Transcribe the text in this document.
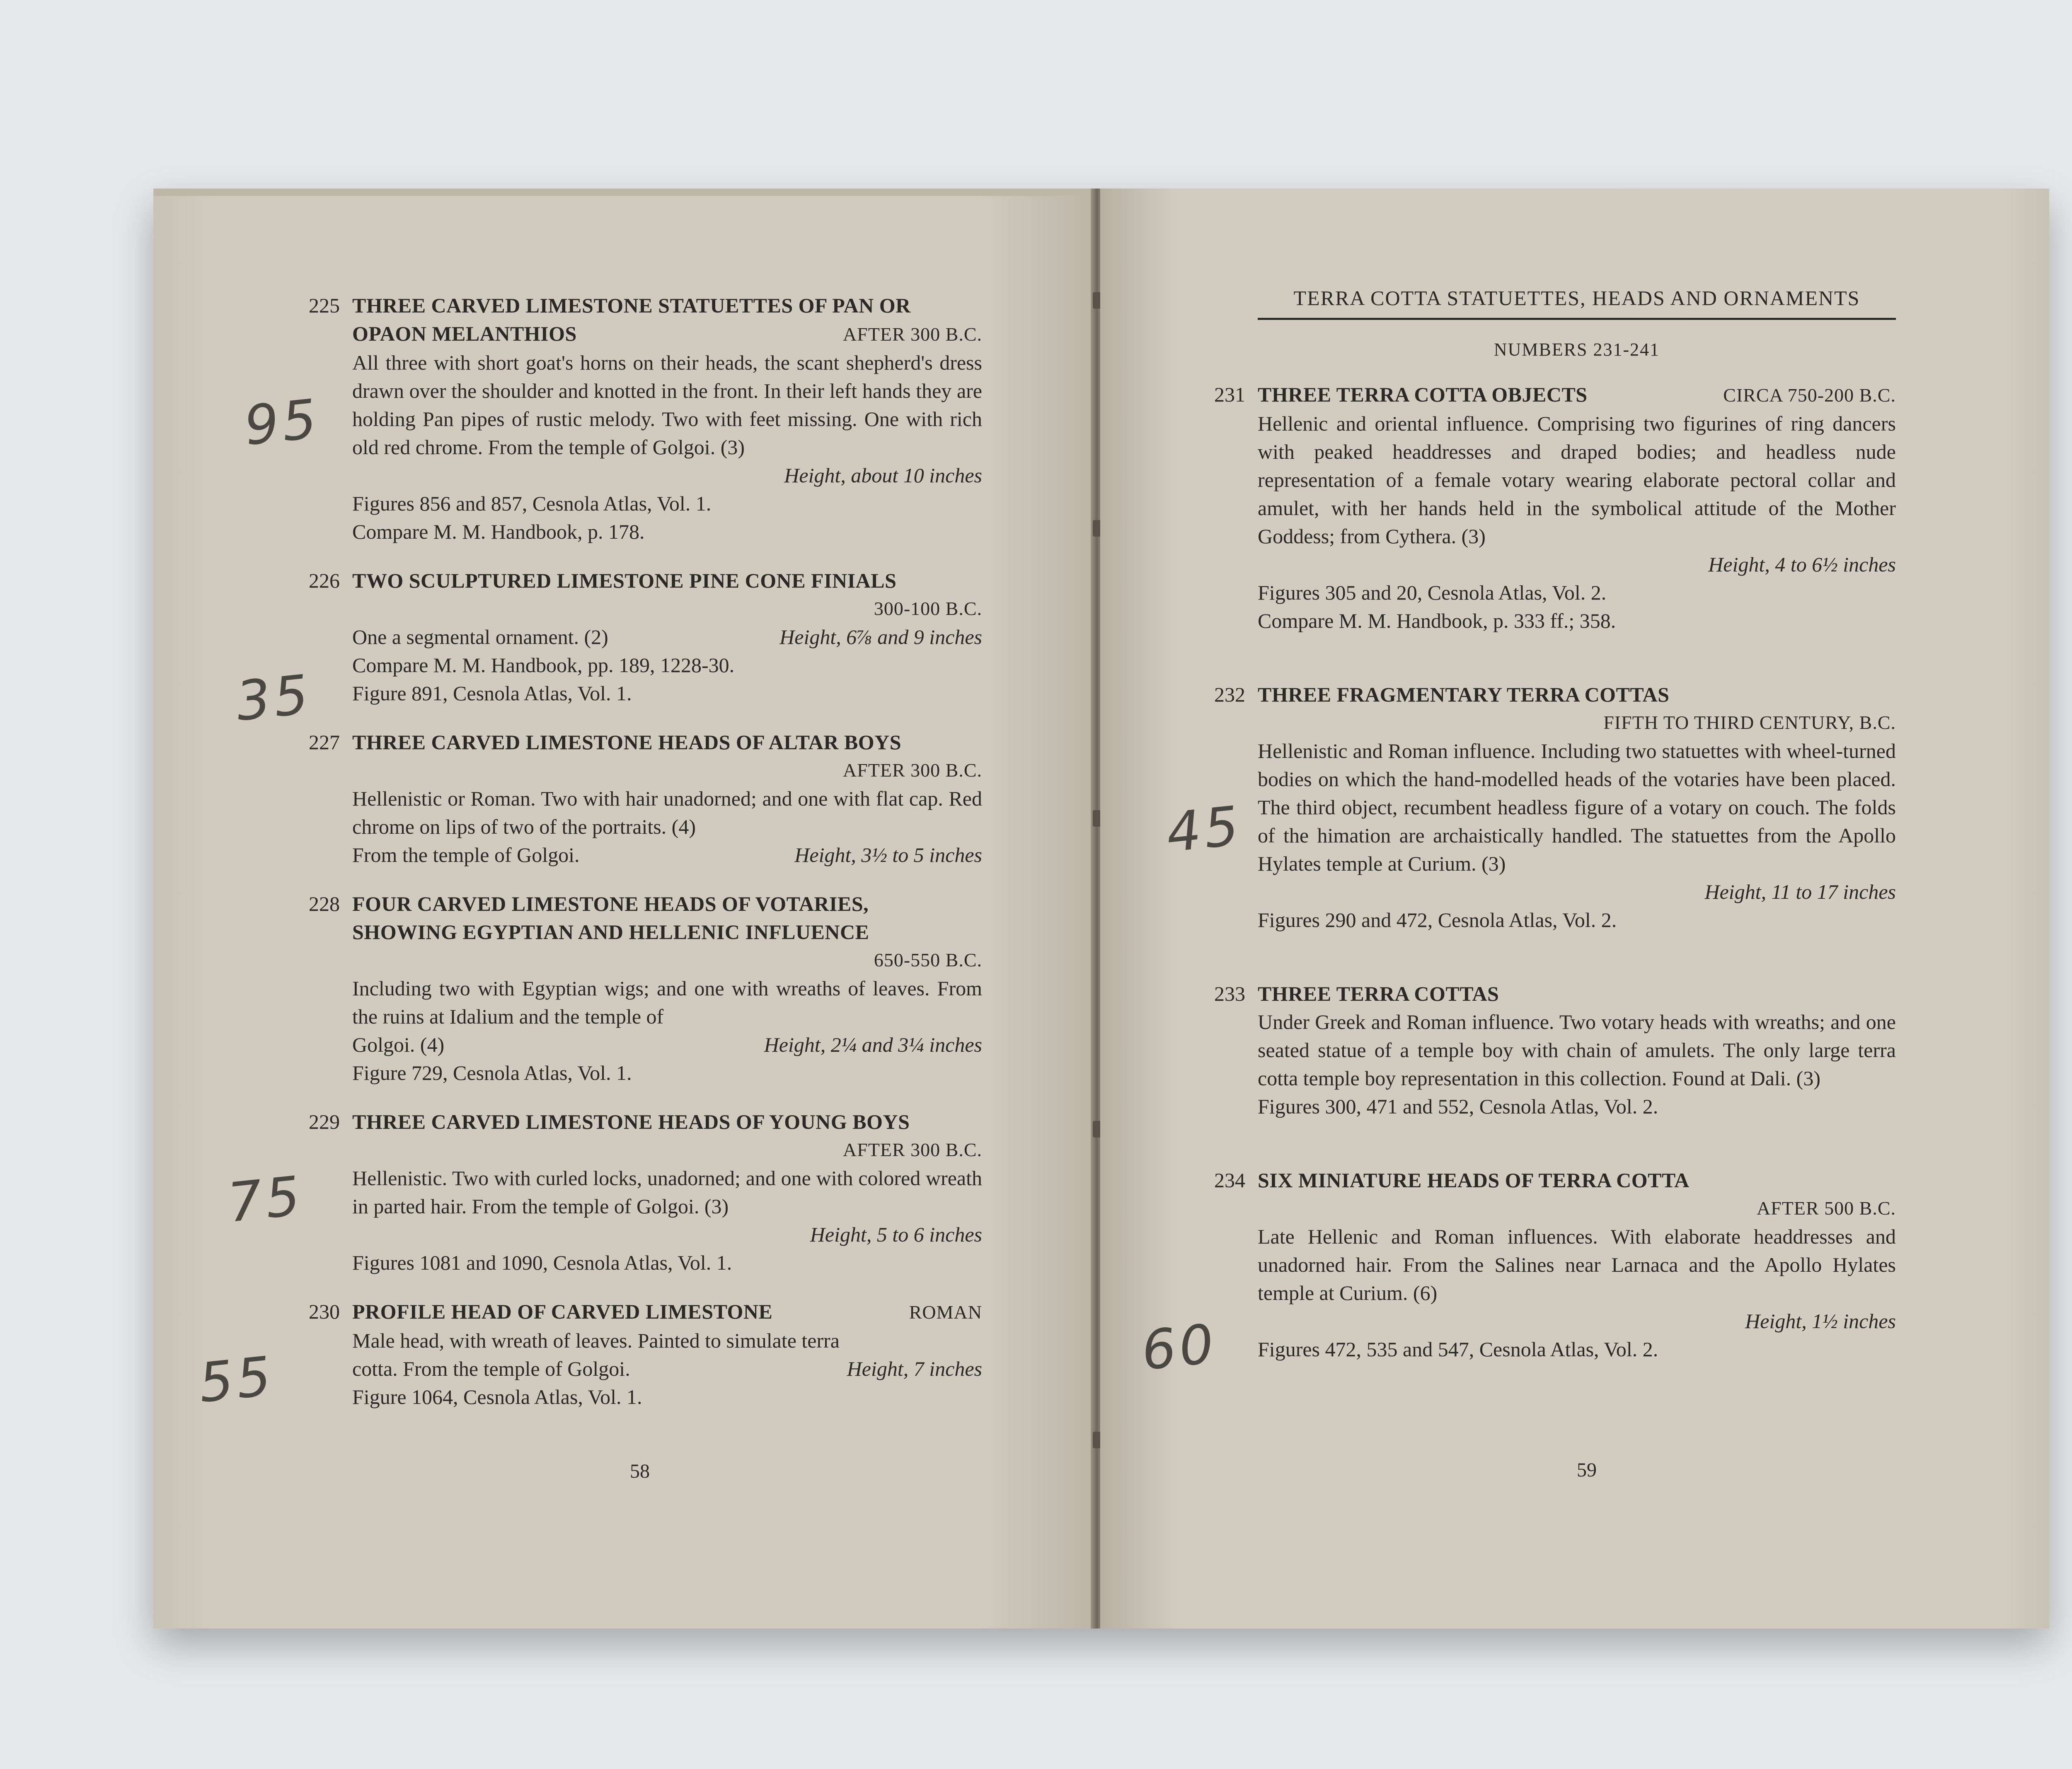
225 THREE CARVED LIMESTONE STATUETTES OF PAN OR
OPAON MELANTHIOS	AFTER 300 B.C.
All three with short goat's horns on their heads, the scant shepherd's dress drawn over the shoulder and knotted in the front. In their left hands they are holding Pan pipes of rustic melody. Two with feet missing. One with rich old red chrome. From the temple of Golgoi. (3)
Height, about 10 inches
Figures 856 and 857, Cesnola Atlas, Vol. 1.
Compare M. M. Handbook, p. 178.
226 TWO SCULPTURED LIMESTONE PINE CONE FINIALS
300-100 B.C.
One a segmental ornament. (2)	Height, 6⅞ and 9 inches
Compare M. M. Handbook, pp. 189, 1228-30.
Figure 891, Cesnola Atlas, Vol. 1.
227 THREE CARVED LIMESTONE HEADS OF ALTAR BOYS
AFTER 300 B.C.
Hellenistic or Roman. Two with hair unadorned; and one with flat cap. Red chrome on lips of two of the portraits. (4)
From the temple of Golgoi.	Height, 3½ to 5 inches
228 FOUR CARVED LIMESTONE HEADS OF VOTARIES,
SHOWING EGYPTIAN AND HELLENIC INFLUENCE
650-550 B.C.
Including two with Egyptian wigs; and one with wreaths of leaves. From the ruins at Idalium and the temple of
Golgoi. (4)	Height, 2¼ and 3¼ inches
Figure 729, Cesnola Atlas, Vol. 1.
229 THREE CARVED LIMESTONE HEADS OF YOUNG BOYS
AFTER 300 B.C.
Hellenistic. Two with curled locks, unadorned; and one with colored wreath in parted hair. From the temple of Golgoi. (3)
Height, 5 to 6 inches
Figures 1081 and 1090, Cesnola Atlas, Vol. 1.
230 PROFILE HEAD OF CARVED LIMESTONE	ROMAN
Male head, with wreath of leaves. Painted to simulate terra
cotta. From the temple of Golgoi.	Height, 7 inches
Figure 1064, Cesnola Atlas, Vol. 1.
58
95
35
75
55
TERRA COTTA STATUETTES, HEADS AND ORNAMENTS
NUMBERS 231-241
231 THREE TERRA COTTA OBJECTS	CIRCA 750-200 B.C.
Hellenic and oriental influence. Comprising two figurines of ring dancers with peaked headdresses and draped bodies; and headless nude representation of a female votary wearing elaborate pectoral collar and amulet, with her hands held in the symbolical attitude of the Mother Goddess; from Cythera. (3)
Height, 4 to 6½ inches
Figures 305 and 20, Cesnola Atlas, Vol. 2.
Compare M. M. Handbook, p. 333 ff.; 358.
232 THREE FRAGMENTARY TERRA COTTAS
FIFTH TO THIRD CENTURY, B.C.
Hellenistic and Roman influence. Including two statuettes with wheel-turned bodies on which the hand-modelled heads of the votaries have been placed. The third object, recumbent headless figure of a votary on couch. The folds of the himation are archaistically handled. The statuettes from the Apollo Hylates temple at Curium. (3)
Height, 11 to 17 inches
Figures 290 and 472, Cesnola Atlas, Vol. 2.
233 THREE TERRA COTTAS
Under Greek and Roman influence. Two votary heads with wreaths; and one seated statue of a temple boy with chain of amulets. The only large terra cotta temple boy representation in this collection. Found at Dali. (3)
Figures 300, 471 and 552, Cesnola Atlas, Vol. 2.
234 SIX MINIATURE HEADS OF TERRA COTTA
AFTER 500 B.C.
Late Hellenic and Roman influences. With elaborate headdresses and unadorned hair. From the Salines near Larnaca and the Apollo Hylates temple at Curium. (6)
Height, 1½ inches
Figures 472, 535 and 547, Cesnola Atlas, Vol. 2.
59
45
60
